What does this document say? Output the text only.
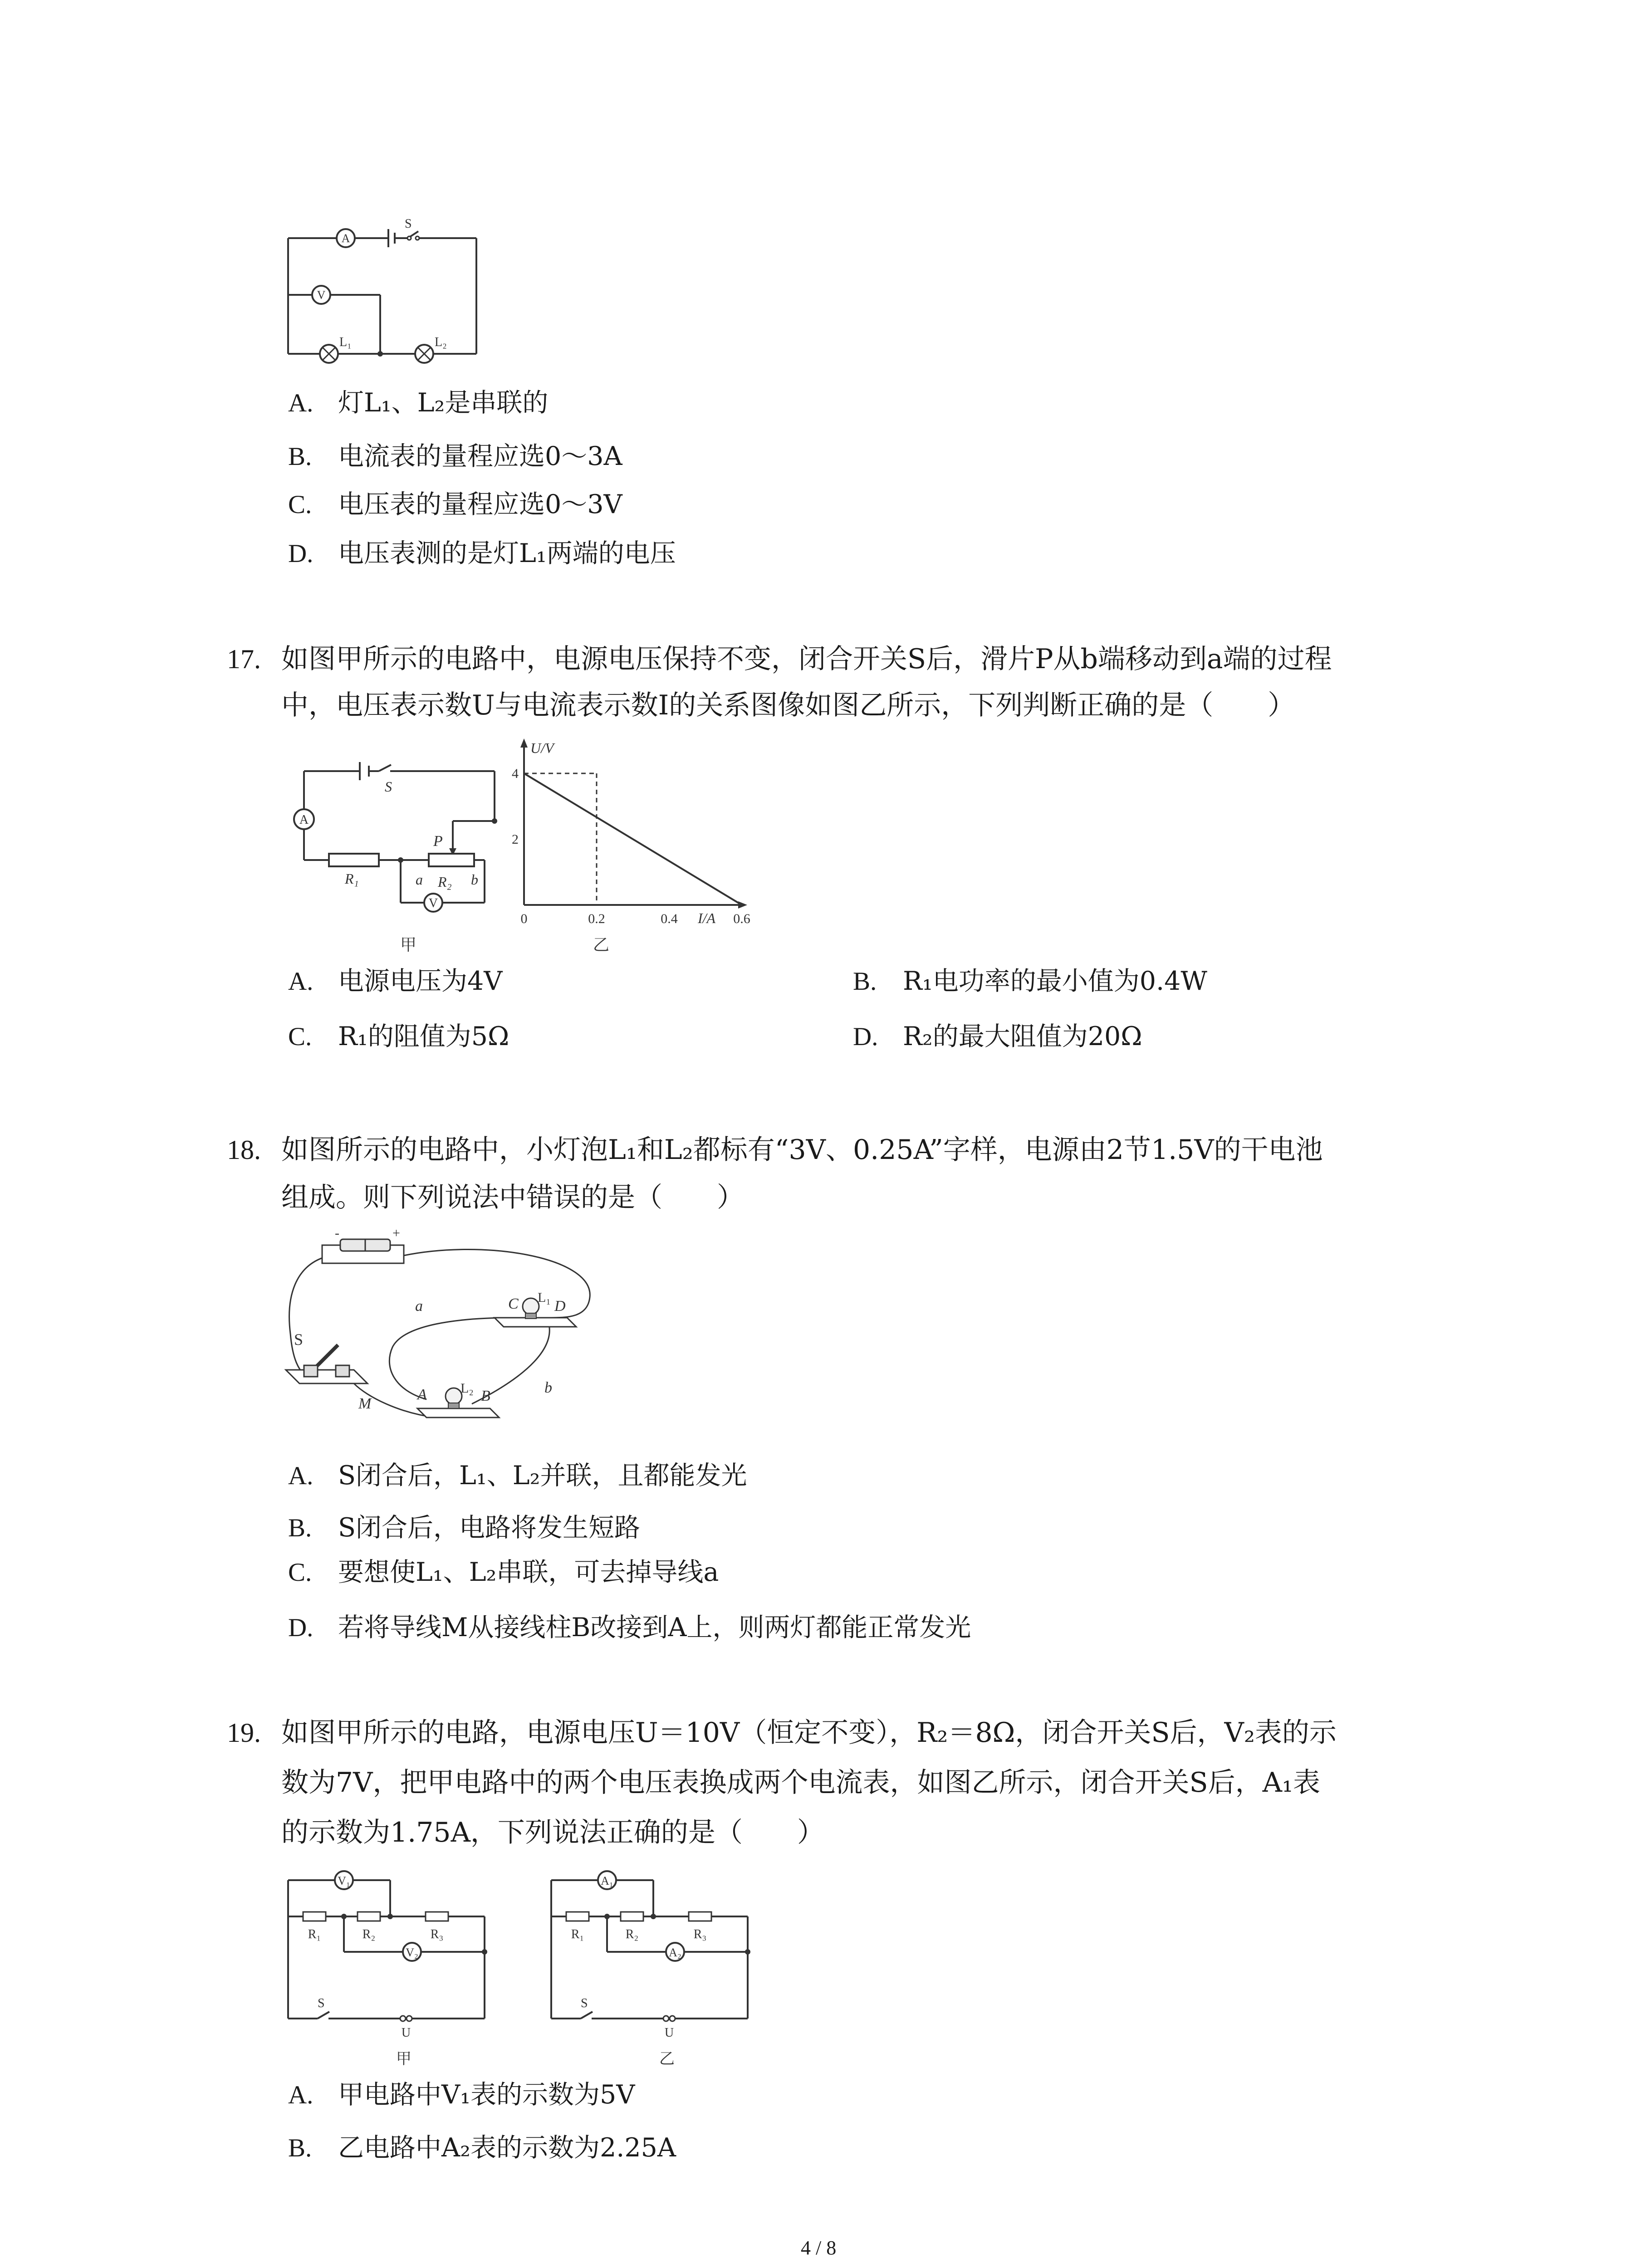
A
S
V
L₁	L₂
A. 灯L₁、L₂是串联的
B. 电流表的量程应选0～3A
C. 电压表的量程应选0～3V
D. 电压表测的是灯L₁两端的电压
17. 如图甲所示的电路中，电源电压保持不变，闭合开关S后，滑片P从b端移动到a端的过程
中，电压表示数U与电流表示数I的关系图像如图乙所示，下列判断正确的是（　　）
A
S
R₁
P
R₂
a	b
V
甲
U/V
I/A
2
4
0	0.2	0.4	0.6
乙
A. 电源电压为4V	B. R₁电功率的最小值为0.4W
C. R₁的阻值为5Ω	D. R₂的最大阻值为20Ω
18. 如图所示的电路中，小灯泡L₁和L₂都标有“3V、0.25A”字样，电源由2节1.5V的干电池
组成。则下列说法中错误的是（　　）
-	+
S
a
M
b
C L₁
D
A L₂ B
A. S闭合后，L₁、L₂并联，且都能发光
B. S闭合后，电路将发生短路
C. 要想使L₁、L₂串联，可去掉导线a
D. 若将导线M从接线柱B改接到A上，则两灯都能正常发光
19. 如图甲所示的电路，电源电压U＝10V（恒定不变），R₂＝8Ω，闭合开关S后，V₂表的示
数为7V，把甲电路中的两个电压表换成两个电流表，如图乙所示，闭合开关S后，A₁表
的示数为1.75A，下列说法正确的是（　　）
V₁
R₁	R₂	R₃
V₂
S
U
甲
A₁
R₁	R₂	R₃
A₂
S
U
乙
A. 甲电路中V₁表的示数为5V
B. 乙电路中A₂表的示数为2.25A
4 / 8
